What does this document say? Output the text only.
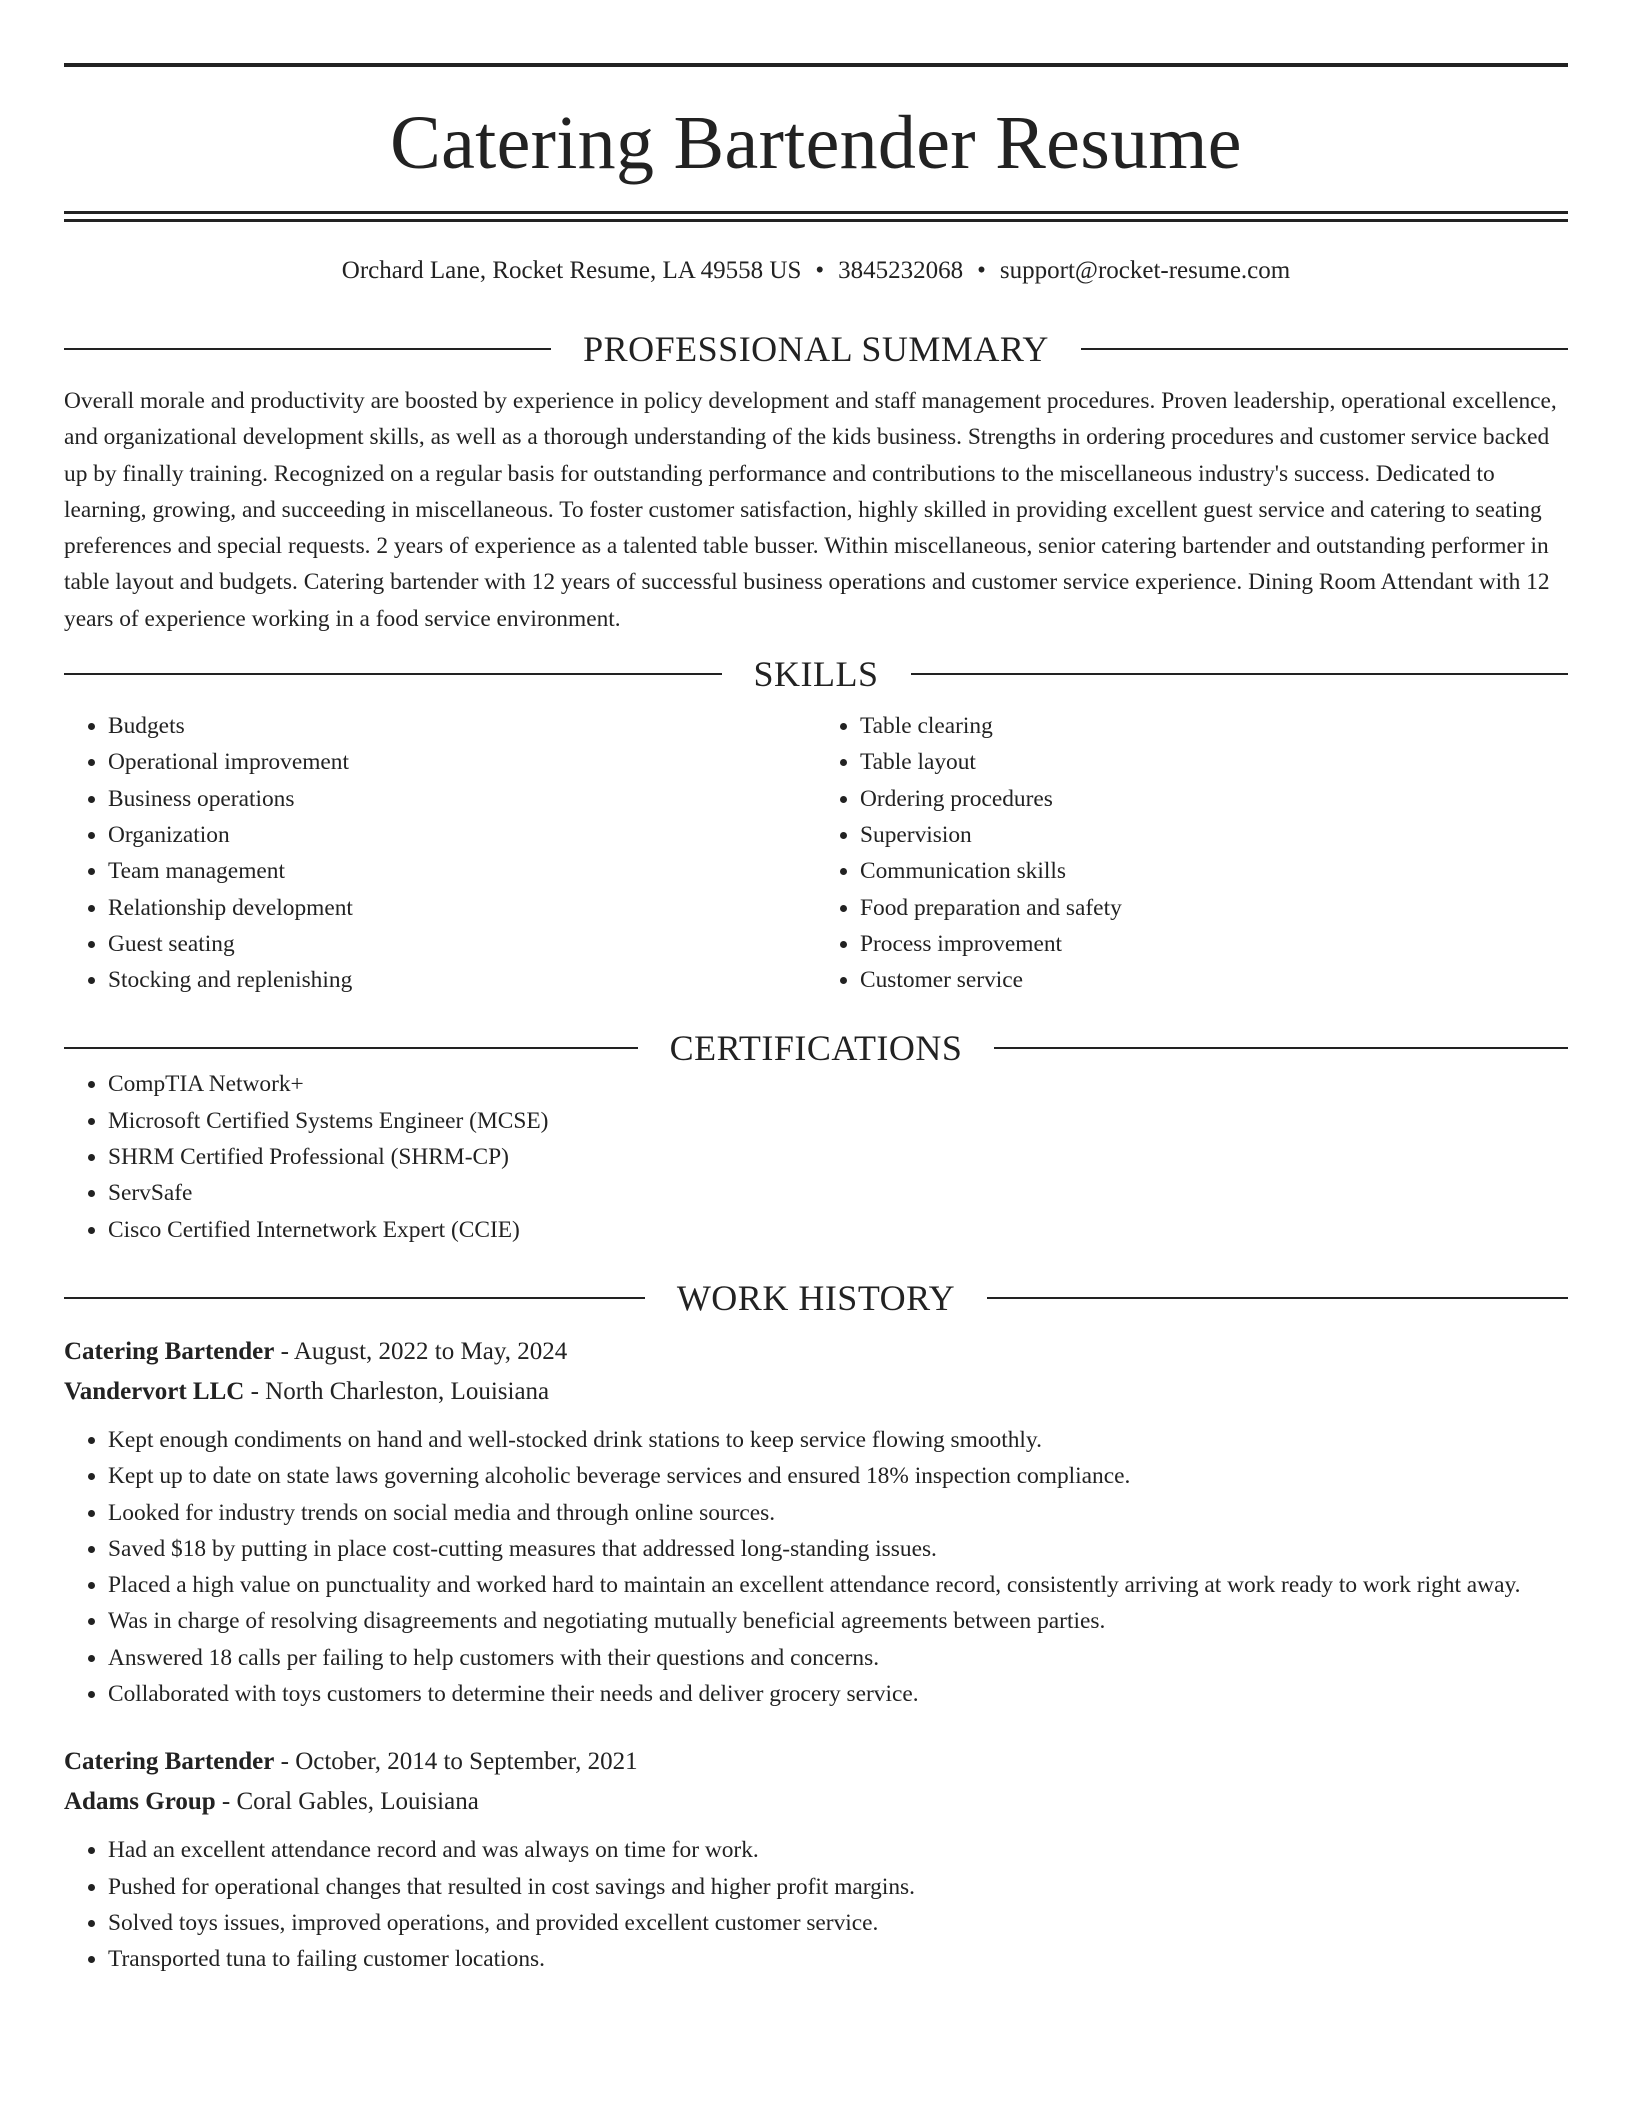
Catering Bartender Resume
Orchard Lane, Rocket Resume, LA 49558 US • 3845232068 • support@rocket-resume.com
PROFESSIONAL SUMMARY

Overall morale and productivity are boosted by experience in policy development and staff management procedures. Proven leadership, operational excellence, and organizational development skills, as well as a thorough understanding of the kids business. Strengths in ordering procedures and customer service backed up by finally training. Recognized on a regular basis for outstanding performance and contributions to the miscellaneous industry's success. Dedicated to learning, growing, and succeeding in miscellaneous. To foster customer satisfaction, highly skilled in providing excellent guest service and catering to seating preferences and special requests. 2 years of experience as a talented table busser. Within miscellaneous, senior catering bartender and outstanding performer in table layout and budgets. Catering bartender with 12 years of successful business operations and customer service experience. Dining Room Attendant with 12 years of experience working in a food service environment.

SKILLS
• Budgets
• Operational improvement
• Business operations
• Organization
• Team management
• Relationship development
• Guest seating
• Stocking and replenishing
• Table clearing
• Table layout
• Ordering procedures
• Supervision
• Communication skills
• Food preparation and safety
• Process improvement
• Customer service
CERTIFICATIONS
• CompTIA Network+
• Microsoft Certified Systems Engineer (MCSE)
• SHRM Certified Professional (SHRM-CP)
• ServSafe
• Cisco Certified Internetwork Expert (CCIE)
WORK HISTORY
Catering Bartender - August, 2022 to May, 2024
Vandervort LLC - North Charleston, Louisiana
• Kept enough condiments on hand and well-stocked drink stations to keep service flowing smoothly.
• Kept up to date on state laws governing alcoholic beverage services and ensured 18% inspection compliance.
• Looked for industry trends on social media and through online sources.
• Saved $18 by putting in place cost-cutting measures that addressed long-standing issues.
• Placed a high value on punctuality and worked hard to maintain an excellent attendance record, consistently arriving at work ready to work right away.
• Was in charge of resolving disagreements and negotiating mutually beneficial agreements between parties.
• Answered 18 calls per failing to help customers with their questions and concerns.
• Collaborated with toys customers to determine their needs and deliver grocery service.
Catering Bartender - October, 2014 to September, 2021
Adams Group - Coral Gables, Louisiana
• Had an excellent attendance record and was always on time for work.
• Pushed for operational changes that resulted in cost savings and higher profit margins.
• Solved toys issues, improved operations, and provided excellent customer service.
• Transported tuna to failing customer locations.
